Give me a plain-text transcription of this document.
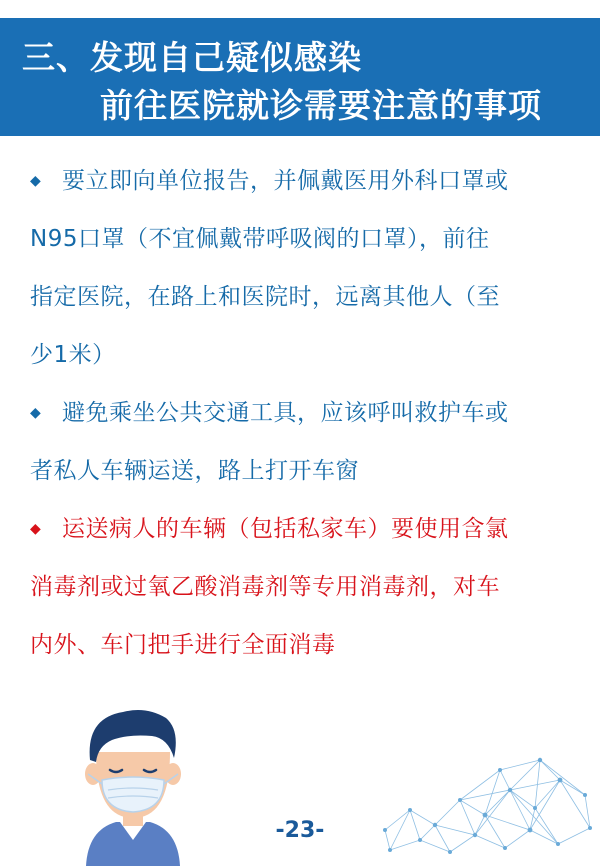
三、发现自己疑似感染
前往医院就诊需要注意的事项
◆ 要立即向单位报告，并佩戴医用外科口罩或
N95口罩（不宜佩戴带呼吸阀的口罩），前往
指定医院，在路上和医院时，远离其他人（至
少1米）
◆ 避免乘坐公共交通工具，应该呼叫救护车或
者私人车辆运送，路上打开车窗
◆ 运送病人的车辆（包括私家车）要使用含氯
消毒剂或过氧乙酸消毒剂等专用消毒剂，对车
内外、车门把手进行全面消毒
-23-
